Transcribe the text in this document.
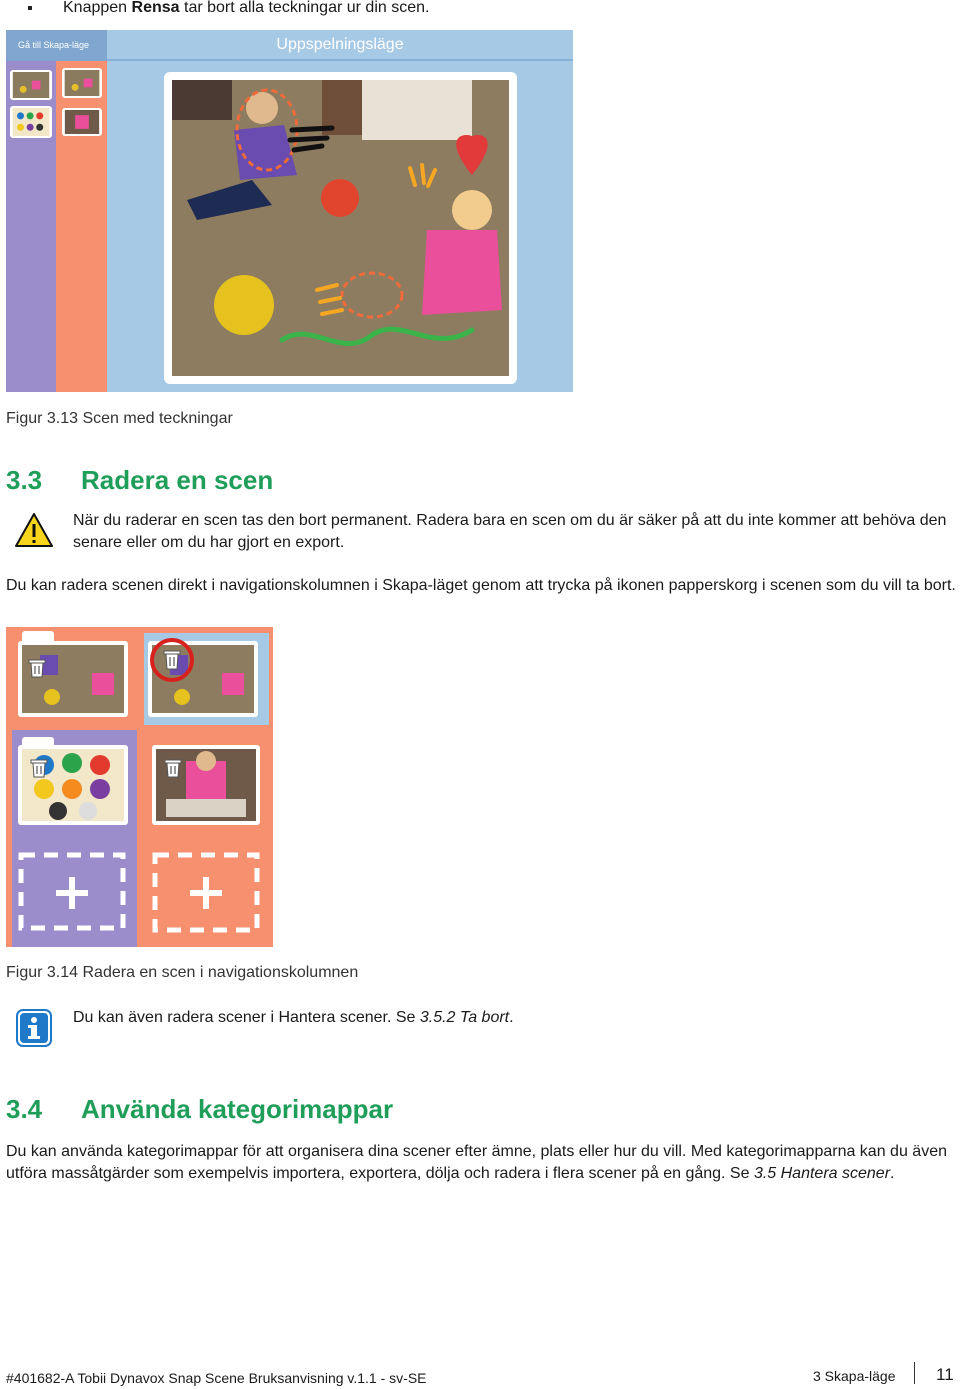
Knappen Rensa tar bort alla teckningar ur din scen.
Gå till Skapa-läge	Uppspelningsläge
Figur 3.13 Scen med teckningar
3.3 Radera en scen
När du raderar en scen tas den bort permanent. Radera bara en scen om du är säker på att du inte kommer att behöva den senare eller om du har gjort en export.
Du kan radera scenen direkt i navigationskolumnen i Skapa-läget genom att trycka på ikonen papperskorg i scenen som du vill ta bort.
Figur 3.14 Radera en scen i navigationskolumnen
Du kan även radera scener i Hantera scener. Se 3.5.2 Ta bort.
3.4 Använda kategorimappar
Du kan använda kategorimappar för att organisera dina scener efter ämne, plats eller hur du vill. Med kategorimapparna kan du även utföra massåtgärder som exempelvis importera, exportera, dölja och radera i flera scener på en gång. Se 3.5 Hantera scener.
#401682-A Tobii Dynavox Snap Scene Bruksanvisning v.1.1 - sv-SE	3 Skapa-läge 11
